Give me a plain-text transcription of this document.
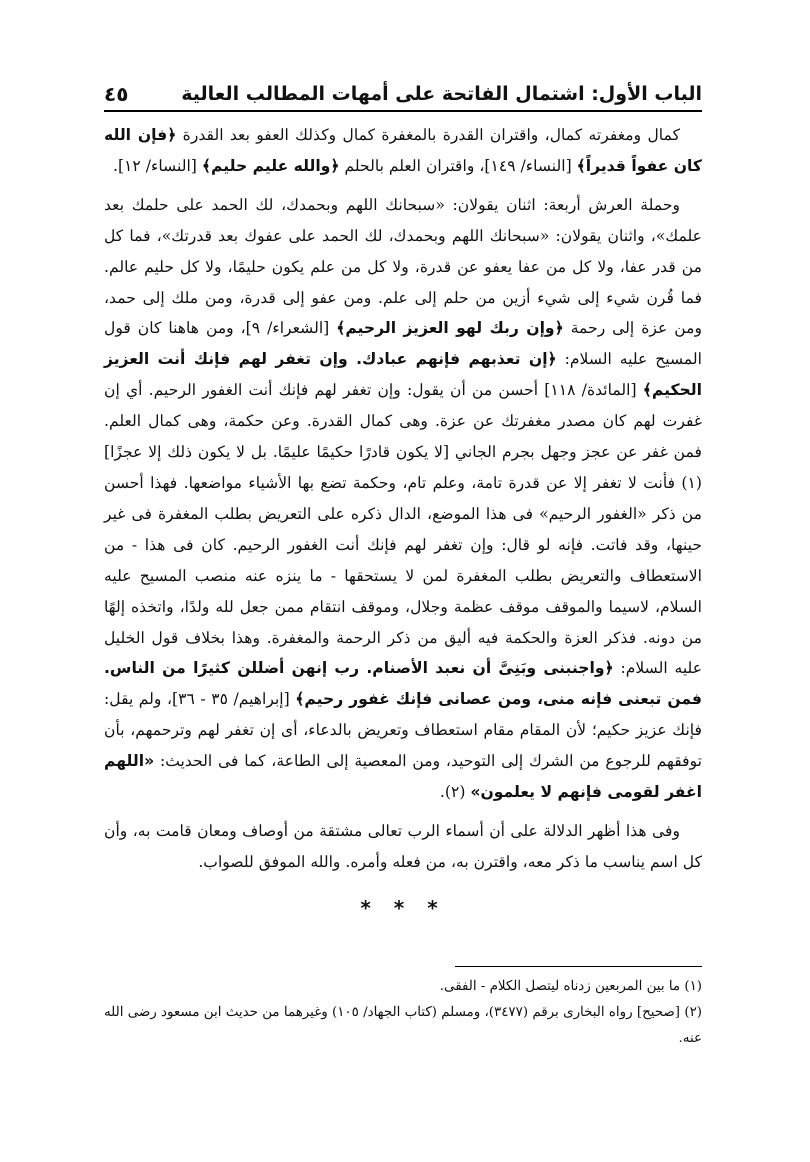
الباب الأول: اشتمال الفاتحة على أمهات المطالب العالية
٤٥

كمال ومغفرته كمال، واقتران القدرة بالمغفرة كمال وكذلك العفو بعد القدرة ﴿فإن الله كان عفواً قديراً﴾ [النساء/ ١٤٩]، واقتران العلم بالحلم ﴿والله عليم حليم﴾ [النساء/ ١٢].

وحملة العرش أربعة: اثنان يقولان: «سبحانك اللهم وبحمدك، لك الحمد على حلمك بعد علمك»، واثنان يقولان: «سبحانك اللهم وبحمدك، لك الحمد على عفوك بعد قدرتك»، فما كل من قدر عفا، ولا كل من عفا يعفو عن قدرة، ولا كل من علم يكون حليمًا، ولا كل حليم عالم. فما قُرن شيء إلى شيء أزين من حلم إلى علم. ومن عفو إلى قدرة، ومن ملك إلى حمد، ومن عزة إلى رحمة ﴿وإن ربك لهو العزيز الرحيم﴾ [الشعراء/ ٩]، ومن هاهنا كان قول المسيح عليه السلام: ﴿إن تعذبهم فإنهم عبادك. وإن تغفر لهم فإنك أنت العزيز الحكيم﴾ [المائدة/ ١١٨] أحسن من أن يقول: وإن تغفر لهم فإنك أنت الغفور الرحيم. أي إن غفرت لهم كان مصدر مغفرتك عن عزة. وهى كمال القدرة. وعن حكمة، وهى كمال العلم. فمن غفر عن عجز وجهل بجرم الجاني [لا يكون قادرًا حكيمًا عليمًا. بل لا يكون ذلك إلا عجزًا](١) فأنت لا تغفر إلا عن قدرة تامة، وعلم تام، وحكمة تضع بها الأشياء مواضعها. فهذا أحسن من ذكر «الغفور الرحيم» فى هذا الموضع، الدال ذكره على التعريض بطلب المغفرة فى غير حينها، وقد فاتت. فإنه لو قال: وإن تغفر لهم فإنك أنت الغفور الرحيم. كان فى هذا - من الاستعطاف والتعريض بطلب المغفرة لمن لا يستحقها - ما ينزه عنه منصب المسيح عليه السلام، لاسيما والموقف موقف عظمة وجلال، وموقف انتقام ممن جعل لله ولدًا، واتخذه إلهًا من دونه. فذكر العزة والحكمة فيه أليق من ذكر الرحمة والمغفرة. وهذا بخلاف قول الخليل عليه السلام: ﴿واجنبنى وبَنِىَّ أن نعبد الأصنام. رب إنهن أضللن كثيرًا من الناس. فمن تبعنى فإنه منى، ومن عصانى فإنك غفور رحيم﴾ [إبراهيم/ ٣٥ - ٣٦]، ولم يقل: فإنك عزيز حكيم؛ لأن المقام مقام استعطاف وتعريض بالدعاء، أى إن تغفر لهم وترحمهم، بأن توفقهم للرجوع من الشرك إلى التوحيد، ومن المعصية إلى الطاعة، كما فى الحديث: «اللهم اغفر لقومى فإنهم لا يعلمون» (٢).

وفى هذا أظهر الدلالة على أن أسماء الرب تعالى مشتقة من أوصاف ومعان قامت به، وأن كل اسم يناسب ما ذكر معه، واقترن به، من فعله وأمره. والله الموفق للصواب.

* * *

(١) ما بين المربعين زدناه ليتصل الكلام - الفقى.

(٢) [صحيح] رواه البخارى برقم (٣٤٧٧)، ومسلم (كتاب الجهاد/ ١٠٥) وغيرهما من حديث ابن مسعود رضى الله عنه.
